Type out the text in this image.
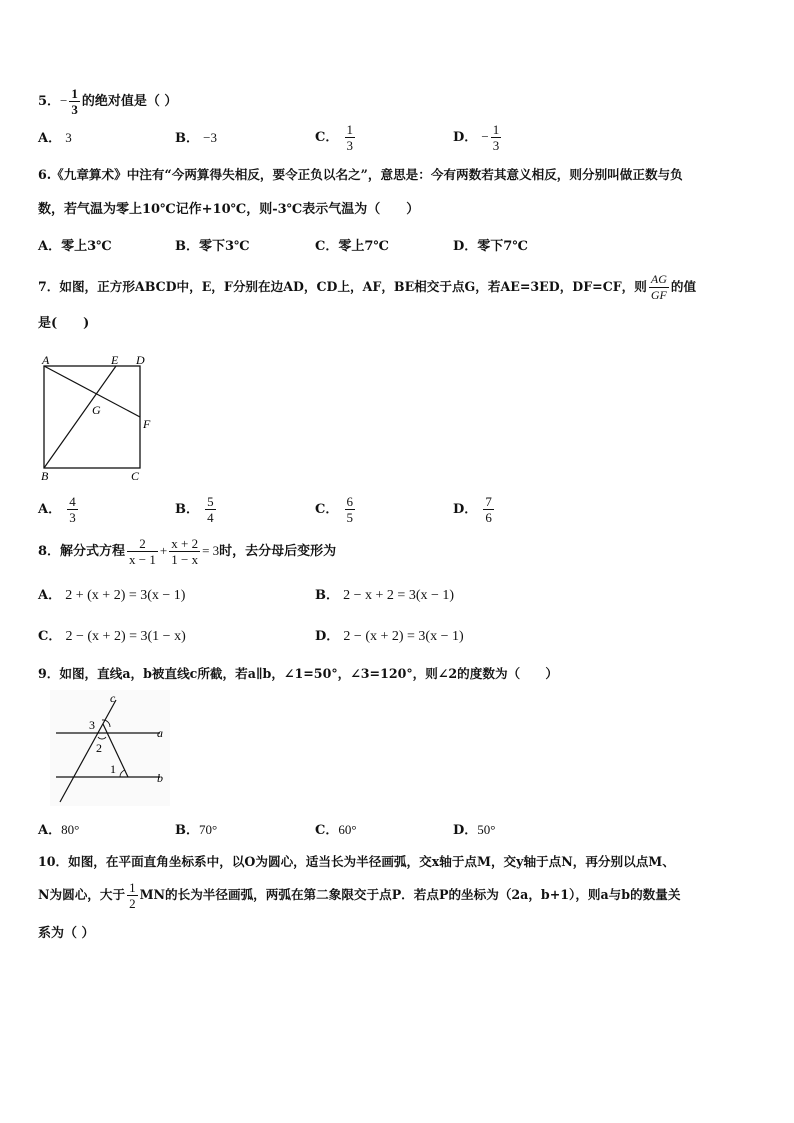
5．− $\frac{1}{3}$ 的绝对值是（ ）
A． 3	B． −3	C． $\frac{1}{3}$	D． − $\frac{1}{3}$
6.《九章算术》中注有“今两算得失相反，要令正负以名之”，意思是：今有两数若其意义相反，则分别叫做正数与负
数，若气温为零上10℃记作+10℃，则-3℃表示气温为（　　）
A．零上3℃	B．零下3℃	C．零上7℃	D．零下7℃
7．如图，正方形ABCD中，E，F分别在边AD，CD上，AF，BE相交于点G，若AE=3ED，DF=CF，则 $\frac{AG}{GF}$ 的值
是(　　)
A	E D
G
F
B	C
A． $\frac{4}{3}$	B． $\frac{5}{4}$	C． $\frac{6}{5}$	D． $\frac{7}{6}$
8．解分式方程 $\frac{2}{x - 1} + \frac{x + 2}{1 - x} = 3$时，去分母后变形为
A． 2 + (x + 2) = 3(x − 1)	B． 2 − x + 2 = 3(x − 1)
C． 2 − (x + 2) = 3(1 − x)	D． 2 − (x + 2) = 3(x − 1)
9．如图，直线a，b被直线c所截，若a∥b，∠1=50°，∠3=120°，则∠2的度数为（　　）
c
a
b
3
2
1
A．80°	B．70°	C．60°	D．50°
10．如图，在平面直角坐标系中，以O为圆心，适当长为半径画弧，交x轴于点M，交y轴于点N，再分别以点M、
N为圆心，大于 $\frac{1}{2}$ MN的长为半径画弧，两弧在第二象限交于点P．若点P的坐标为（2a，b+1），则a与b的数量关
系为（ ）
